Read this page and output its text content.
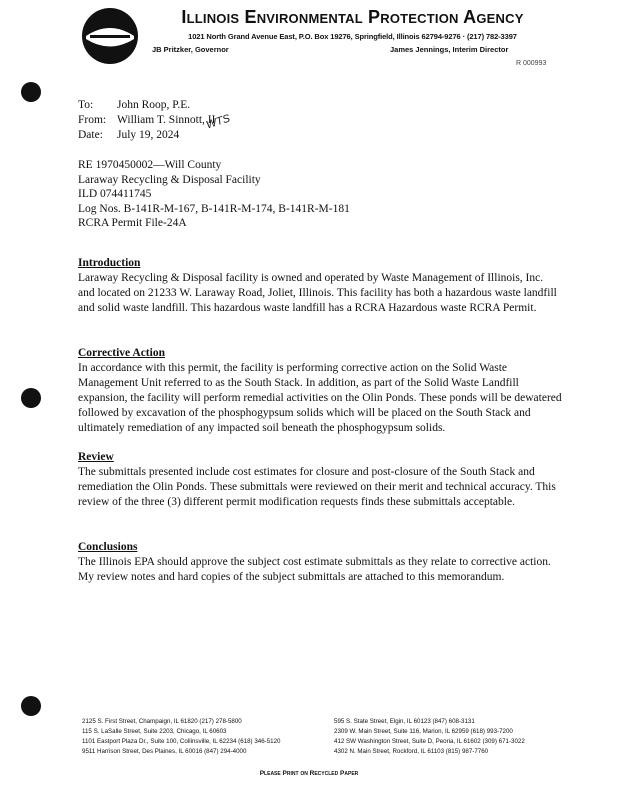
Illinois Environmental Protection Agency
1021 North Grand Avenue East, P.O. Box 19276, Springfield, Illinois 62794-9276 · (217) 782-3397
JB Pritzker, Governor	James Jennings, Interim Director
R 000993
To:	John Roop, P.E.
From: William T. Sinnott, II
Date:	July 19, 2024
WTS
RE 1970450002—Will County
Laraway Recycling & Disposal Facility
ILD 074411745
Log Nos. B-141R-M-167, B-141R-M-174, B-141R-M-181
RCRA Permit File-24A
Introduction

Laraway Recycling & Disposal facility is owned and operated by Waste Management of Illinois, Inc. and located on 21233 W. Laraway Road, Joliet, Illinois. This facility has both a hazardous waste landfill and solid waste landfill. This hazardous waste landfill has a RCRA Hazardous waste RCRA Permit.

Corrective Action

In accordance with this permit, the facility is performing corrective action on the Solid Waste Management Unit referred to as the South Stack. In addition, as part of the Solid Waste Landfill expansion, the facility will perform remedial activities on the Olin Ponds. These ponds will be dewatered followed by excavation of the phosphogypsum solids which will be placed on the South Stack and ultimately remediation of any impacted soil beneath the phosphogypsum solids.

Review

The submittals presented include cost estimates for closure and post-closure of the South Stack and remediation the Olin Ponds. These submittals were reviewed on their merit and technical accuracy. This review of the three (3) different permit modification requests finds these submittals acceptable.

Conclusions

The Illinois EPA should approve the subject cost estimate submittals as they relate to corrective action. My review notes and hard copies of the subject submittals are attached to this memorandum.

2125 S. First Street, Champaign, IL 61820 (217) 278-5800
115 S. LaSalle Street, Suite 2203, Chicago, IL 60603
1101 Eastport Plaza Dr., Suite 100, Collinsville, IL 62234 (618) 346-5120
9511 Harrison Street, Des Plaines, IL 60016 (847) 294-4000
595 S. State Street, Elgin, IL 60123 (847) 608-3131
2309 W. Main Street, Suite 116, Marion, IL 62959 (618) 993-7200
412 SW Washington Street, Suite D, Peoria, IL 61602 (309) 671-3022
4302 N. Main Street, Rockford, IL 61103 (815) 987-7760
Please Print on Recycled Paper
